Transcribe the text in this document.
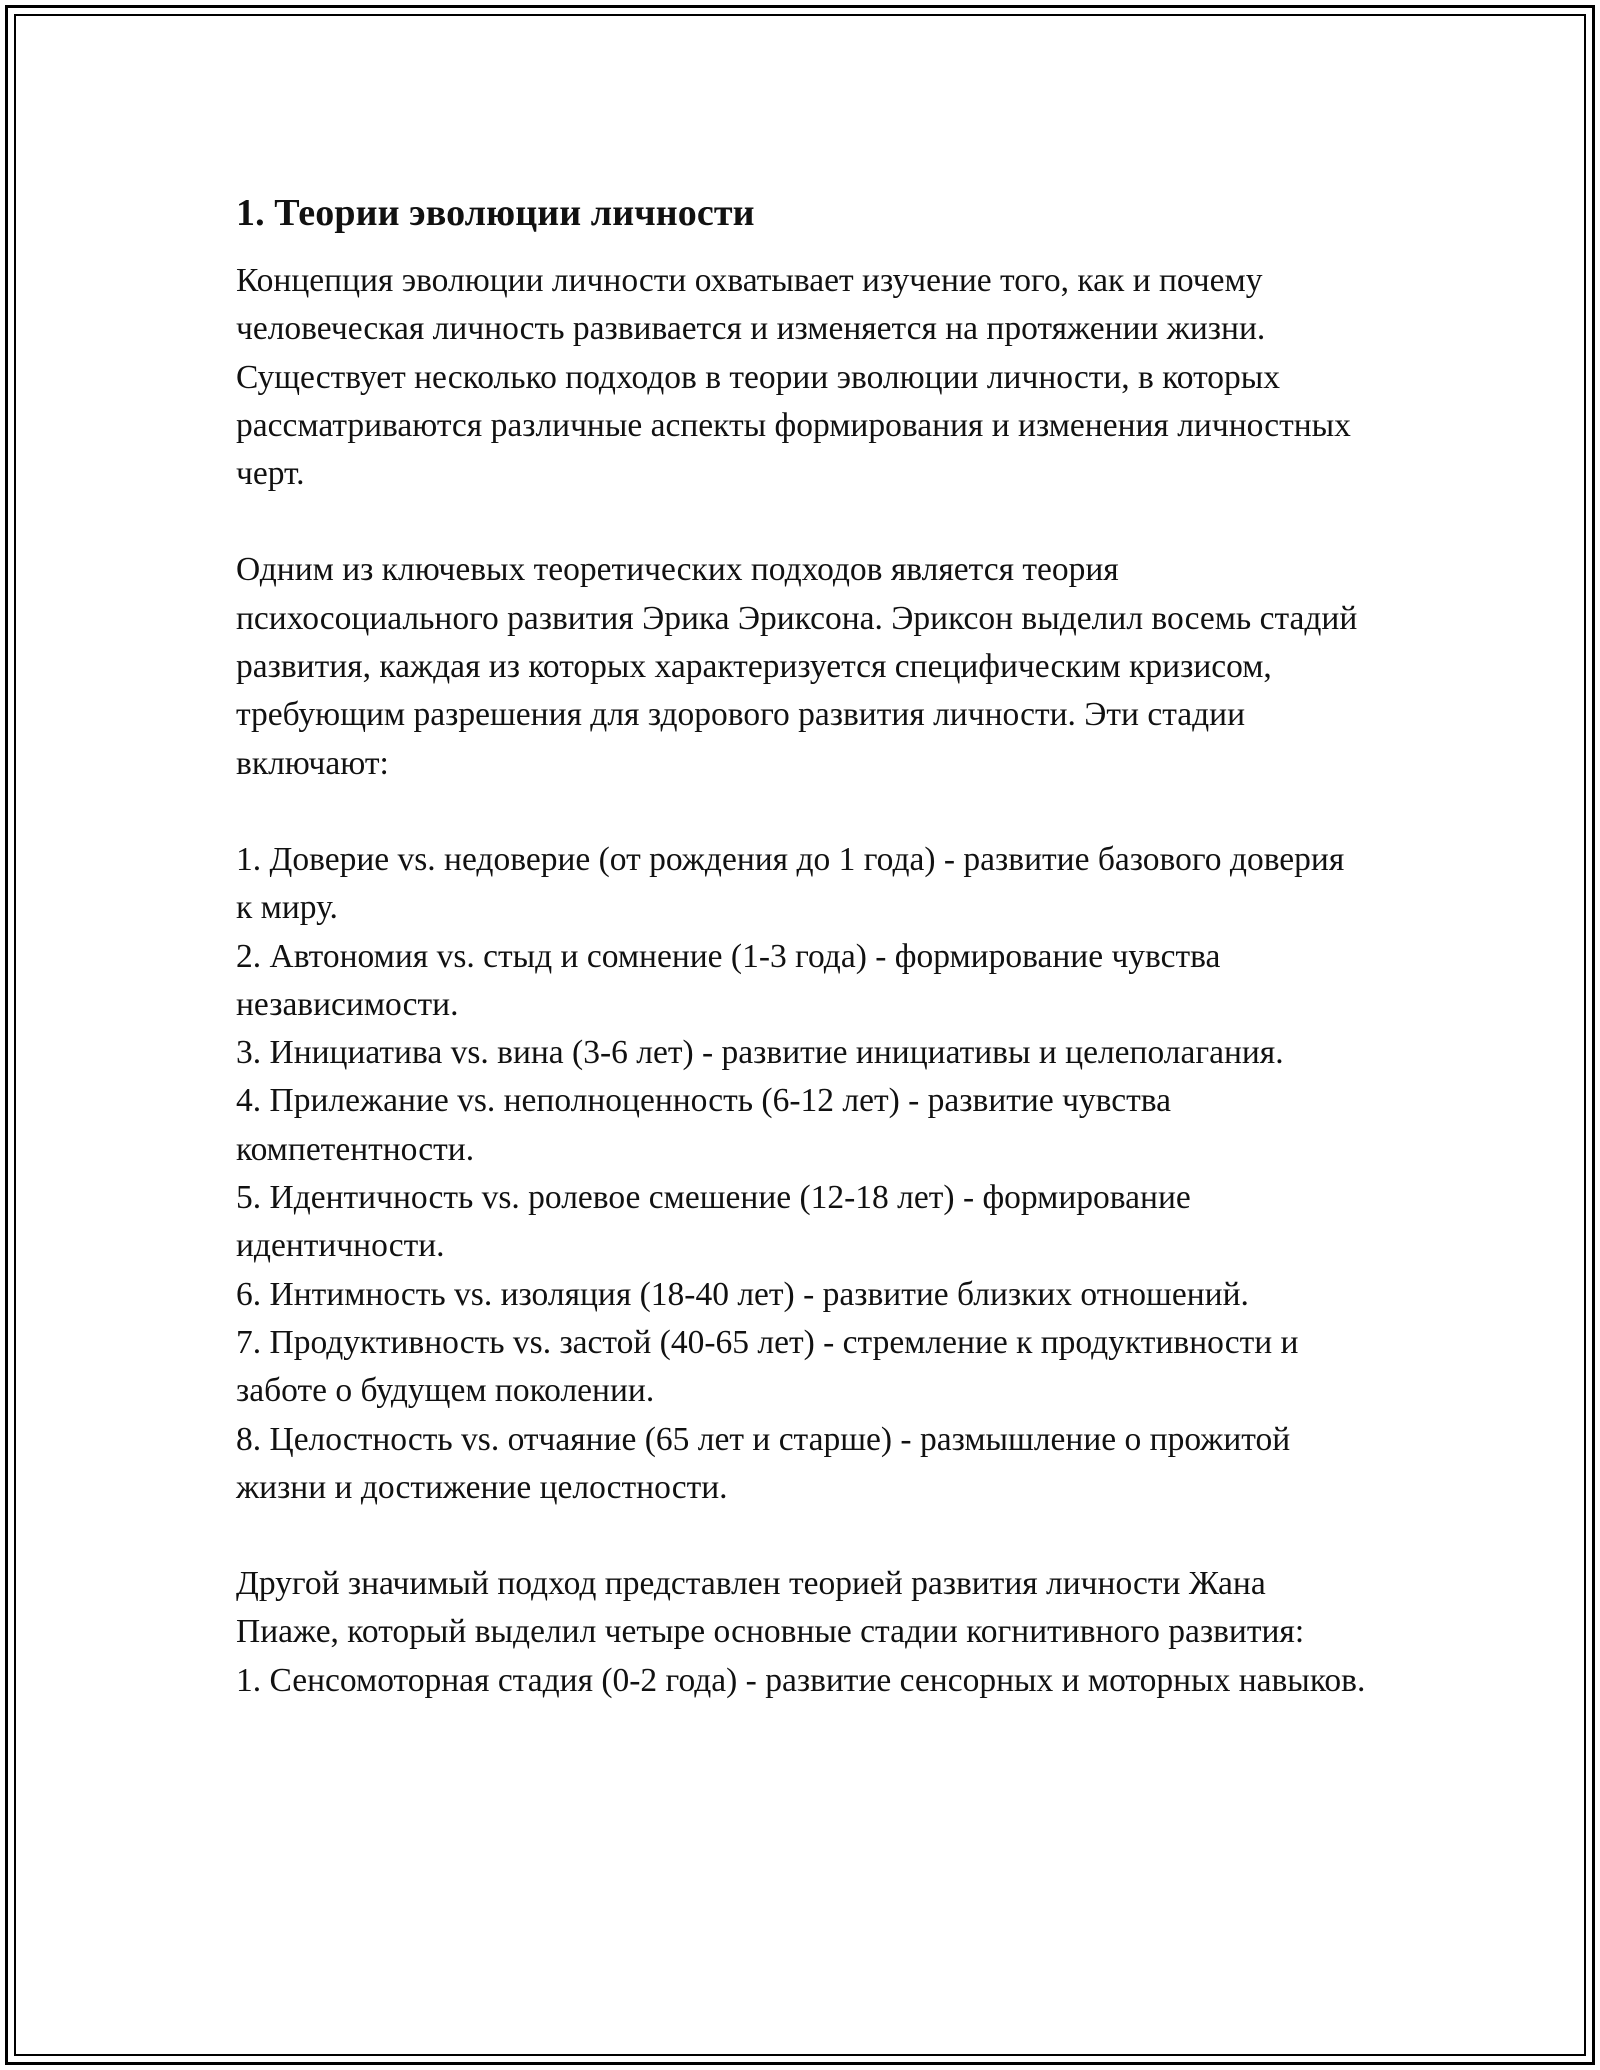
1. Теории эволюции личности

Концепция эволюции личности охватывает изучение того, как и почему человеческая личность развивается и изменяется на протяжении жизни. Существует несколько подходов в теории эволюции личности, в которых рассматриваются различные аспекты формирования и изменения личностных черт.

Одним из ключевых теоретических подходов является теория психосоциального развития Эрика Эриксона. Эриксон выделил восемь стадий развития, каждая из которых характеризуется специфическим кризисом, требующим разрешения для здорового развития личности. Эти стадии включают:

1. Доверие vs. недоверие (от рождения до 1 года) - развитие базового доверия к миру.

2. Автономия vs. стыд и сомнение (1-3 года) - формирование чувства независимости.

3. Инициатива vs. вина (3-6 лет) - развитие инициативы и целеполагания.

4. Прилежание vs. неполноценность (6-12 лет) - развитие чувства компетентности.

5. Идентичность vs. ролевое смешение (12-18 лет) - формирование идентичности.

6. Интимность vs. изоляция (18-40 лет) - развитие близких отношений.

7. Продуктивность vs. застой (40-65 лет) - стремление к продуктивности и заботе о будущем поколении.

8. Целостность vs. отчаяние (65 лет и старше) - размышление о прожитой жизни и достижение целостности.

Другой значимый подход представлен теорией развития личности Жана Пиаже, который выделил четыре основные стадии когнитивного развития:

1. Сенсомоторная стадия (0-2 года) - развитие сенсорных и моторных навыков.
